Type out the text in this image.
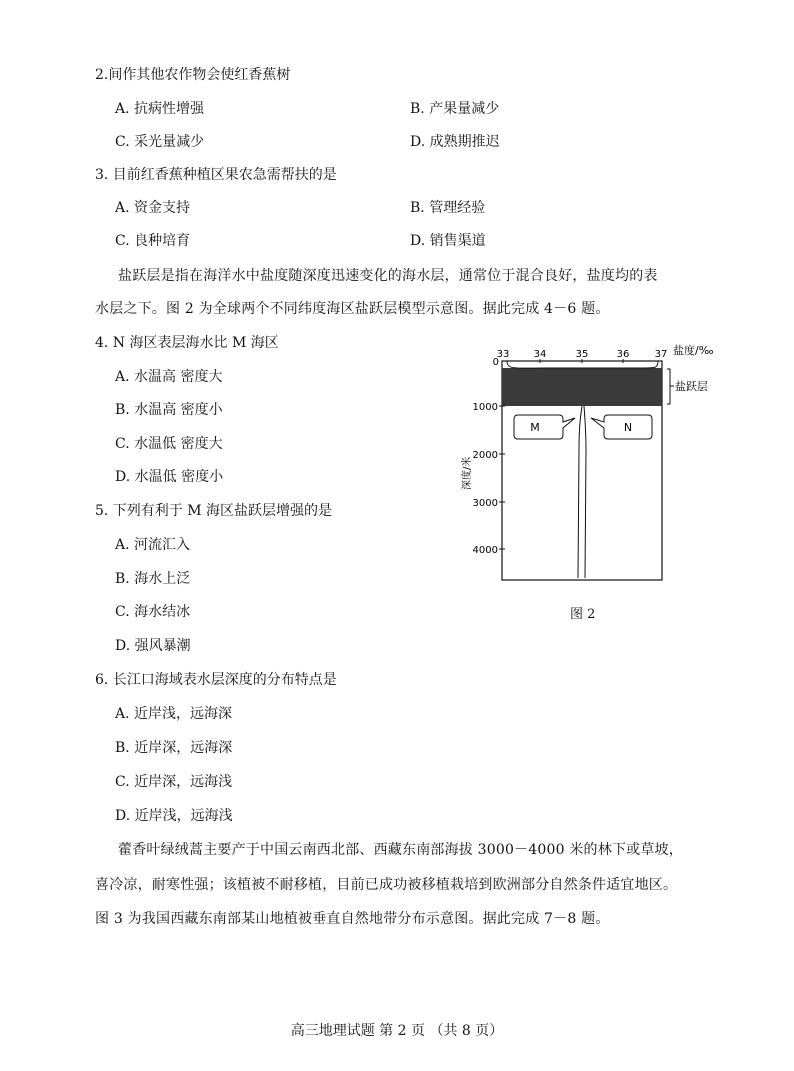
2.间作其他农作物会使红香蕉树
A. 抗病性增强	B. 产果量减少
C. 采光量减少	D. 成熟期推迟
3. 目前红香蕉种植区果农急需帮扶的是
A. 资金支持	B. 管理经验
C. 良种培育	D. 销售渠道
盐跃层是指在海洋水中盐度随深度迅速变化的海水层，通常位于混合良好，盐度均的表
水层之下。图 2 为全球两个不同纬度海区盐跃层模型示意图。据此完成 4－6 题。
4. N 海区表层海水比 M 海区
A. 水温高 密度大
B. 水温高 密度小
C. 水温低 密度大
D. 水温低 密度小
5. 下列有利于 M 海区盐跃层增强的是
A. 河流汇入
B. 海水上泛
C. 海水结冰
D. 强风暴潮
6. 长江口海域表水层深度的分布特点是
A. 近岸浅，远海深
B. 近岸深，远海深
C. 近岸深，远海浅
D. 近岸浅，远海浅
藿香叶绿绒蒿主要产于中国云南西北部、西藏东南部海拔 3000－4000 米的林下或草坡，
喜冷凉，耐寒性强；该植被不耐移植，目前已成功被移植栽培到欧洲部分自然条件适宜地区。
图 3 为我国西藏东南部某山地植被垂直自然地带分布示意图。据此完成 7－8 题。
33 34	35	36	37 盐度/‰
盐跃层
0
1000
2000
3000
4000
深度/米
M	N
图 2
高三地理试题 第 2 页 （共 8 页）
